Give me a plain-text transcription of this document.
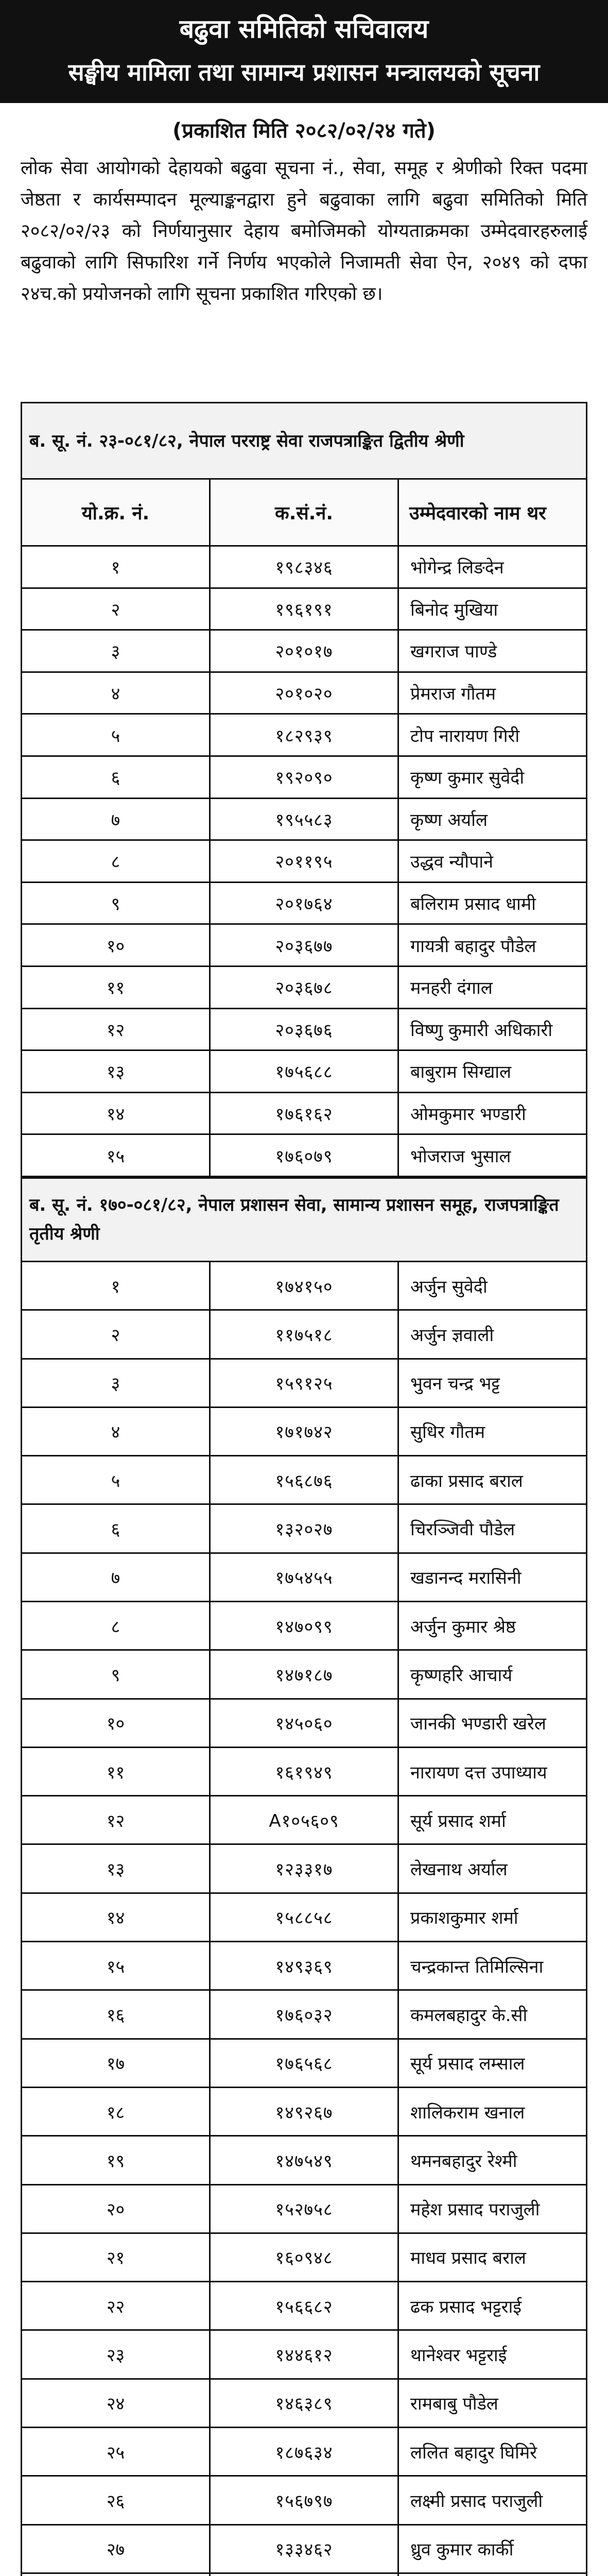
बढुवा समितिको सचिवालय
सङ्घीय मामिला तथा सामान्य प्रशासन मन्त्रालयको सूचना
(प्रकाशित मिति २०८२/०२/२४ गते)
लोक सेवा आयोगको देहायको बढुवा सूचना नं., सेवा, समूह र श्रेणीको रिक्त पदमा जेष्ठता र कार्यसम्पादन मूल्याङ्कनद्वारा हुने बढुवाका लागि बढुवा समितिको मिति २०८२/०२/२३ को निर्णयानुसार देहाय बमोजिमको योग्यताक्रमका उम्मेदवारहरुलाई बढुवाको लागि सिफारिश गर्ने निर्णय भएकोले निजामती सेवा ऐन, २०४९ को दफा २४च.को प्रयोजनको लागि सूचना प्रकाशित गरिएको छ।
ब. सू. नं. २३-०८१/८२, नेपाल परराष्ट्र सेवा राजपत्राङ्कित द्वितीय श्रेणी		
यो.क्र. नं.	क.सं.नं.	उम्मेदवारको नाम थर
१	१९८३४६	भोगेन्द्र लिङदेन
२	१९६१९१	बिनोद मुखिया
३	२०१०१७	खगराज पाण्डे
४	२०१०२०	प्रेमराज गौतम
५	१८२९३९	टोप नारायण गिरी
६	१९२०९०	कृष्ण कुमार सुवेदी
७	१९५५८३	कृष्ण अर्याल
८	२०११९५	उद्धव न्यौपाने
९	२०१७६४	बलिराम प्रसाद धामी
१०	२०३६७७	गायत्री बहादुर पौडेल
११	२०३६७८	मनहरी दंगाल
१२	२०३६७६	विष्णु कुमारी अधिकारी
१३	१७५६८८	बाबुराम सिग्द्याल
१४	१७६१६२	ओमकुमार भण्डारी
१५	१७६०७९	भोजराज भुसाल
ब. सू. नं. १७०-०८१/८२, नेपाल प्रशासन सेवा, सामान्य प्रशासन समूह, राजपत्राङ्कित तृतीय श्रेणी		
१	१७४१५०	अर्जुन सुवेदी
२	११७५१८	अर्जुन ज्ञवाली
३	१५९१२५	भुवन चन्द्र भट्ट
४	१७१७४२	सुधिर गौतम
५	१५६८७६	ढाका प्रसाद बराल
६	१३२०२७	चिरञ्जिवी पौडेल
७	१७५४५५	खडानन्द मरासिनी
८	१४७०९९	अर्जुन कुमार श्रेष्ठ
९	१४७१८७	कृष्णहरि आचार्य
१०	१४५०६०	जानकी भण्डारी खरेल
११	१६१९४९	नारायण दत्त उपाध्याय
१२	A१०५६०९	सूर्य प्रसाद शर्मा
१३	१२३३१७	लेखनाथ अर्याल
१४	१५८८५८	प्रकाशकुमार शर्मा
१५	१४९३६९	चन्द्रकान्त तिमिल्सिना
१६	१७६०३२	कमलबहादुर के.सी
१७	१७६५६८	सूर्य प्रसाद लम्साल
१८	१४९२६७	शालिकराम खनाल
१९	१४७५४९	थमनबहादुर रेश्मी
२०	१५२७५८	महेश प्रसाद पराजुली
२१	१६०९४८	माधव प्रसाद बराल
२२	१५६६८२	ढक प्रसाद भट्टराई
२३	१४४६१२	थानेश्वर भट्टराई
२४	१४६३८९	रामबाबु पौडेल
२५	१८७६३४	ललित बहादुर घिमिरे
२६	१५६७९७	लक्ष्मी प्रसाद पराजुली
२७	१३३४६२	ध्रुव कुमार कार्की
